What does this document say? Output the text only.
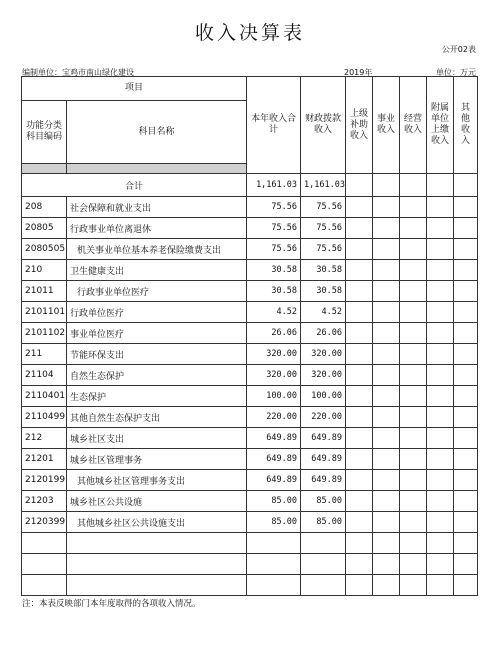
收入决算表
公开02表
编制单位：宝鸡市南山绿化建设	2019年	单位：万元
项目		本年收入合计	财政拨款收入	上级补助收入	事业收入	经营收入	附属单位上缴收入	其他收入
功能分类科目编码	科目名称							

合计		1,161.03	1,161.03					
208	社会保障和就业支出	75.56	75.56					
20805	行政事业单位离退休	75.56	75.56					
2080505	机关事业单位基本养老保险缴费支出	75.56	75.56					
210	卫生健康支出	30.58	30.58					
21011	行政事业单位医疗	30.58	30.58					
2101101	行政单位医疗	4.52	4.52					
2101102	事业单位医疗	26.06	26.06					
211	节能环保支出	320.00	320.00					
21104	自然生态保护	320.00	320.00					
2110401	生态保护	100.00	100.00					
2110499	其他自然生态保护支出	220.00	220.00					
212	城乡社区支出	649.89	649.89					
21201	城乡社区管理事务	649.89	649.89					
2120199	其他城乡社区管理事务支出	649.89	649.89					
21203	城乡社区公共设施	85.00	85.00					
2120399	其他城乡社区公共设施支出	85.00	85.00					

注：本表反映部门本年度取得的各项收入情况。
